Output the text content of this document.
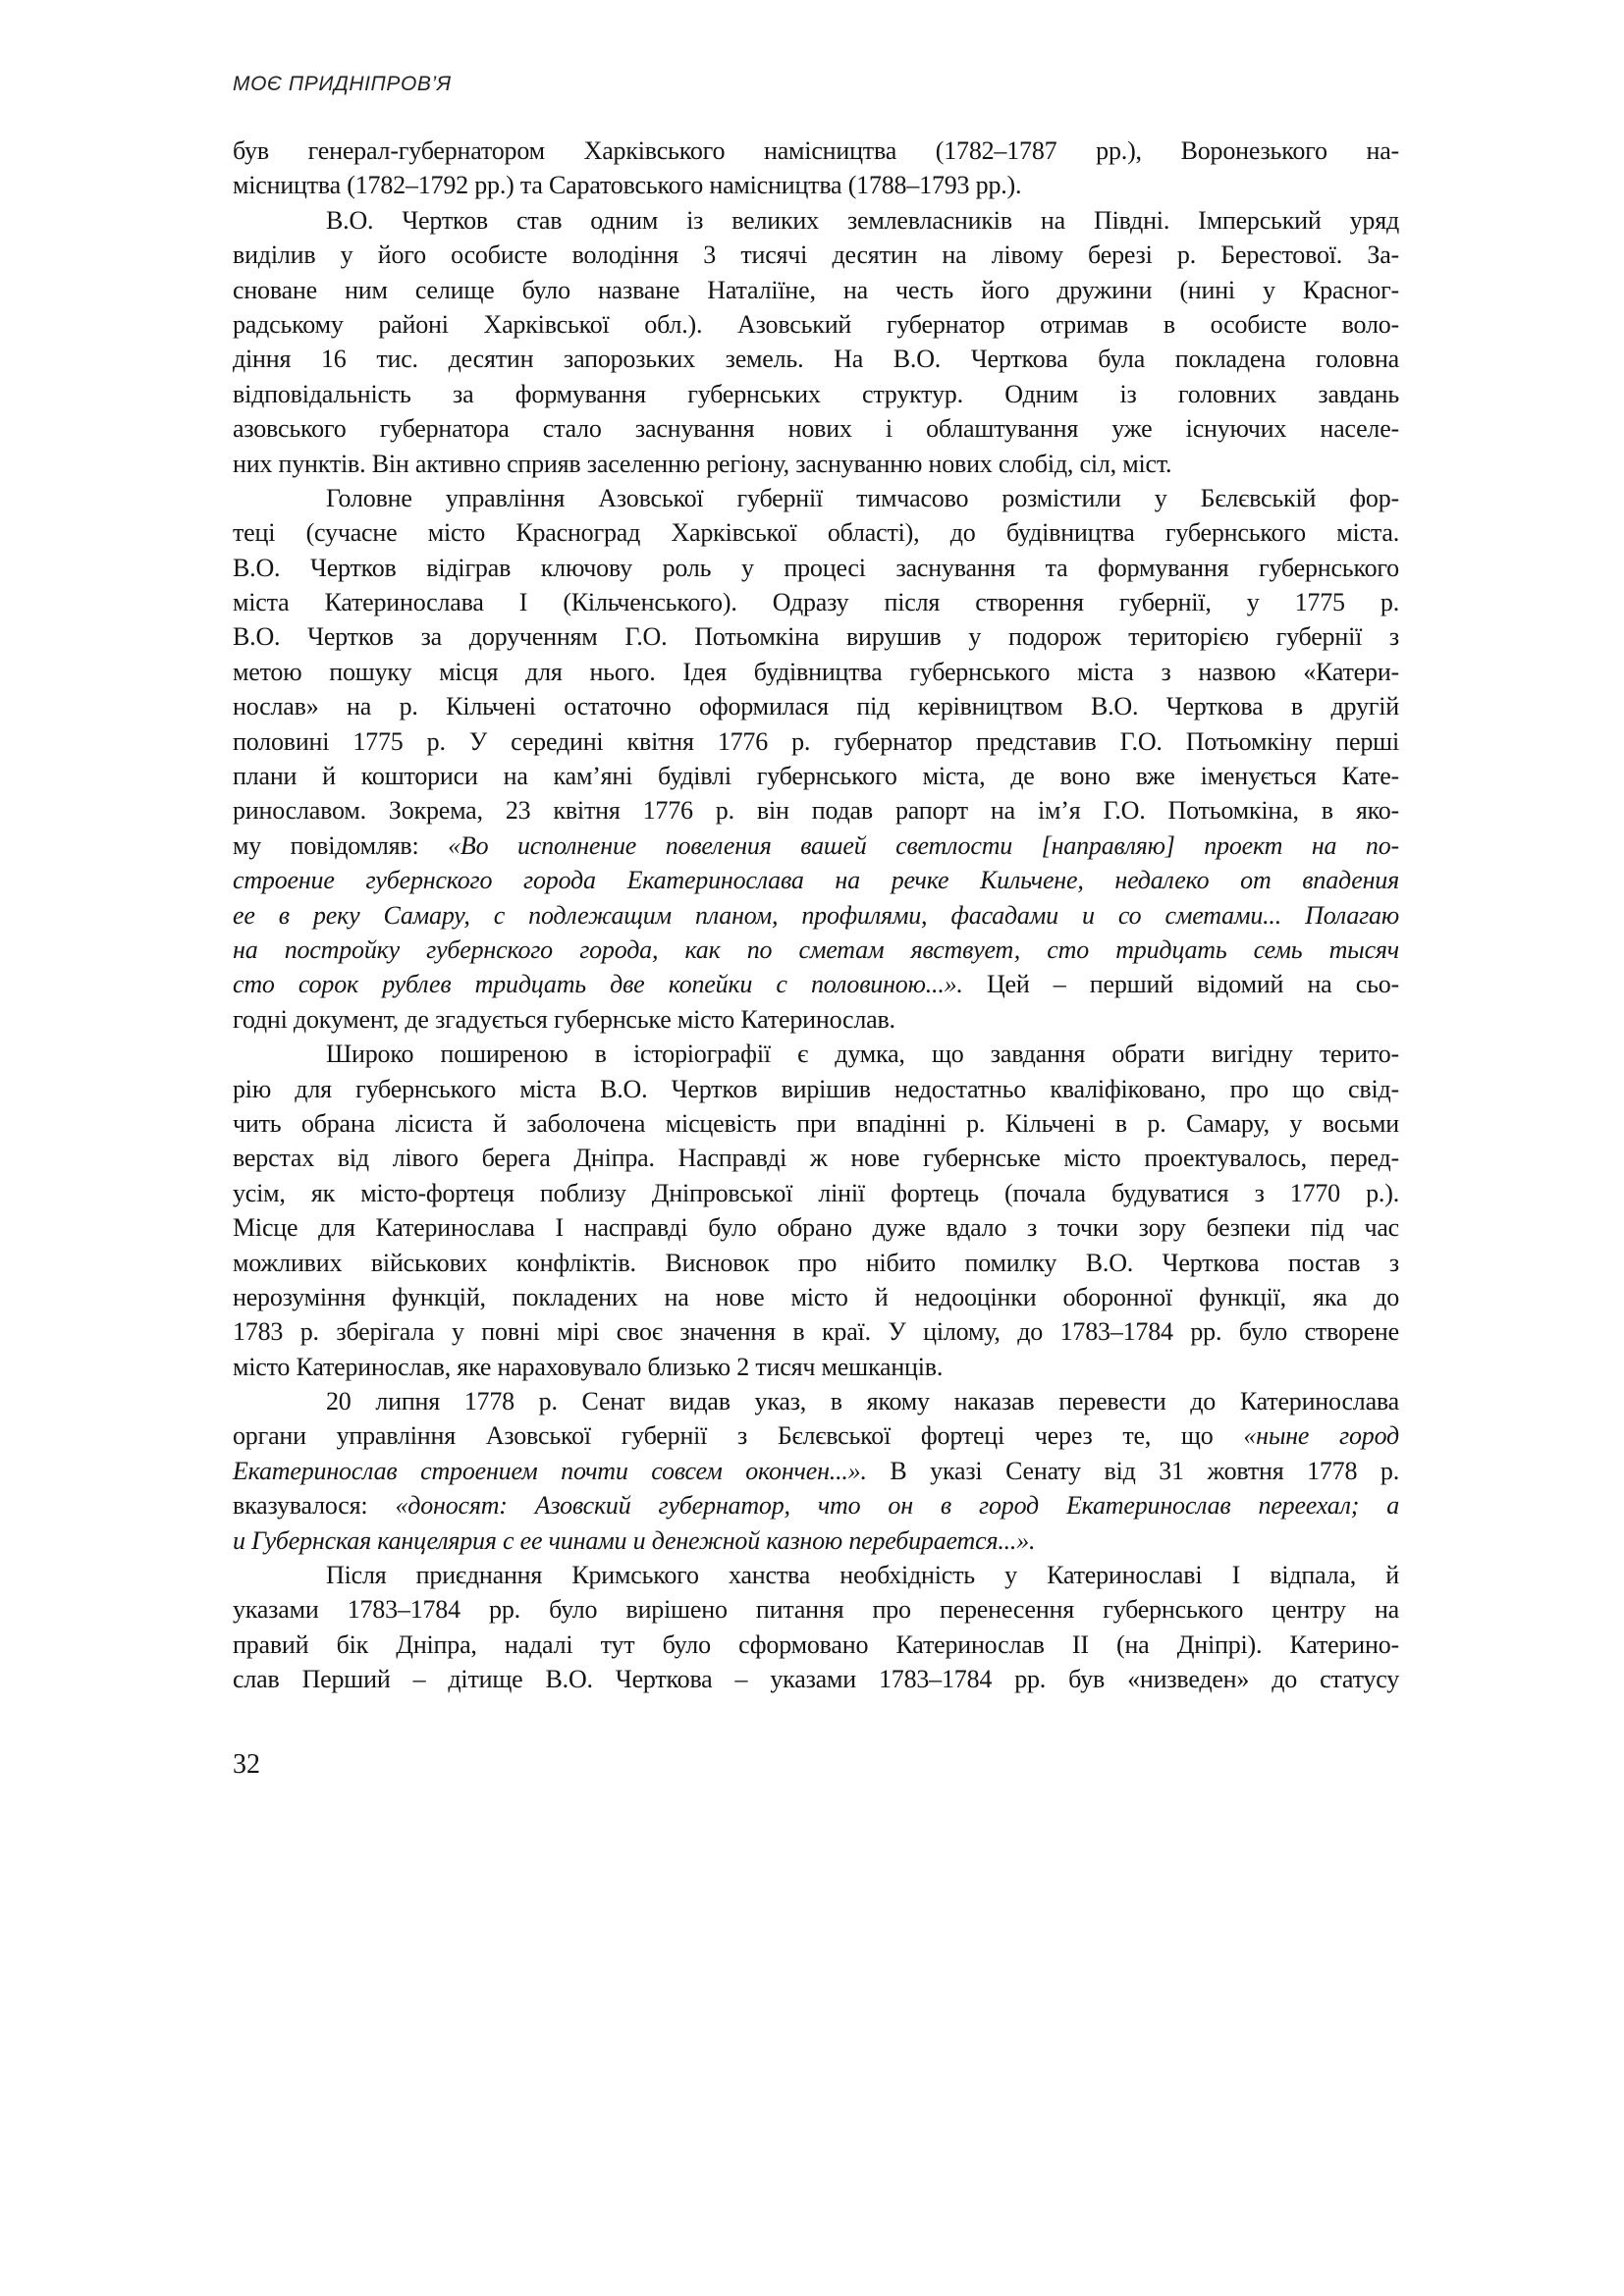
МОЄ ПРИДНІПРОВ’Я

був генерал-губернатором Харківського намісництва (1782–1787 рр.), Воронезького на-
місництва (1782–1792 рр.) та Саратовського намісництва (1788–1793 рр.).

В.О. Чертков став одним із великих землевласників на Півдні. Імперський уряд
виділив у його особисте володіння 3 тисячі десятин на лівому березі р. Берестової. За-
сноване ним селище було назване Наталіїне, на честь його дружини (нині у Красног-
радському районі Харківської обл.). Азовський губернатор отримав в особисте воло-
діння 16 тис. десятин запорозьких земель. На В.О. Черткова була покладена головна
відповідальність за формування губернських структур. Одним із головних завдань
азовського губернатора стало заснування нових і облаштування уже існуючих населе-
них пунктів. Він активно сприяв заселенню регіону, заснуванню нових слобід, сіл, міст.

Головне управління Азовської губернії тимчасово розмістили у Бєлєвській фор-
теці (сучасне місто Красноград Харківської області), до будівництва губернського міста.
В.О. Чертков відіграв ключову роль у процесі заснування та формування губернського
міста Катеринослава I (Кільченського). Одразу після створення губернії, у 1775 р.
В.О. Чертков за дорученням Г.О. Потьомкіна вирушив у подорож територією губернії з
метою пошуку місця для нього. Ідея будівництва губернського міста з назвою «Катери-
нослав» на р. Кільчені остаточно оформилася під керівництвом В.О. Черткова в другій
половині 1775 р. У середині квітня 1776 р. губернатор представив Г.О. Потьомкіну перші
плани й кошториси на кам’яні будівлі губернського міста, де воно вже іменується Кате-
ринославом. Зокрема, 23 квітня 1776 р. він подав рапорт на ім’я Г.О. Потьомкіна, в яко-
му повідомляв: «Во исполнение повеления вашей светлости [направляю] проект на по-
строение губернского города Екатеринослава на речке Кильчене, недалеко от впадения
ее в реку Самару, с подлежащим планом, профилями, фасадами и со сметами... Полагаю
на постройку губернского города, как по сметам явствует, сто тридцать семь тысяч
сто сорок рублев тридцать две копейки с половиною...». Цей – перший відомий на сьо-
годні документ, де згадується губернське місто Катеринослав.

Широко поширеною в історіографії є думка, що завдання обрати вигідну терито-
рію для губернського міста В.О. Чертков вирішив недостатньо кваліфіковано, про що свід-
чить обрана лісиста й заболочена місцевість при впадінні р. Кільчені в р. Самару, у восьми
верстах від лівого берега Дніпра. Насправді ж нове губернське місто проектувалось, перед-
усім, як місто-фортеця поблизу Дніпровської лінії фортець (почала будуватися з 1770 р.).
Місце для Катеринослава I насправді було обрано дуже вдало з точки зору безпеки під час
можливих військових конфліктів. Висновок про нібито помилку В.О. Черткова постав з
нерозуміння функцій, покладених на нове місто й недооцінки оборонної функції, яка до
1783 р. зберігала у повні мірі своє значення в краї. У цілому, до 1783–1784 рр. було створене
місто Катеринослав, яке нараховувало близько 2 тисяч мешканців.

20 липня 1778 р. Сенат видав указ, в якому наказав перевести до Катеринослава
органи управління Азовської губернії з Бєлєвської фортеці через те, що «ныне город
Екатеринослав строением почти совсем окончен...». В указі Сенату від 31 жовтня 1778 р.
вказувалося: «доносят: Азовский губернатор, что он в город Екатеринослав переехал; а
и Губернская канцелярия с ее чинами и денежной казною перебирается...».

Після приєднання Кримського ханства необхідність у Катеринославі I відпала, й
указами 1783–1784 рр. було вирішено питання про перенесення губернського центру на
правий бік Дніпра, надалі тут було сформовано Катеринослав II (на Дніпрі). Катерино-
слав Перший – дітище В.О. Черткова – указами 1783–1784 рр. був «низведен» до статусу

32
